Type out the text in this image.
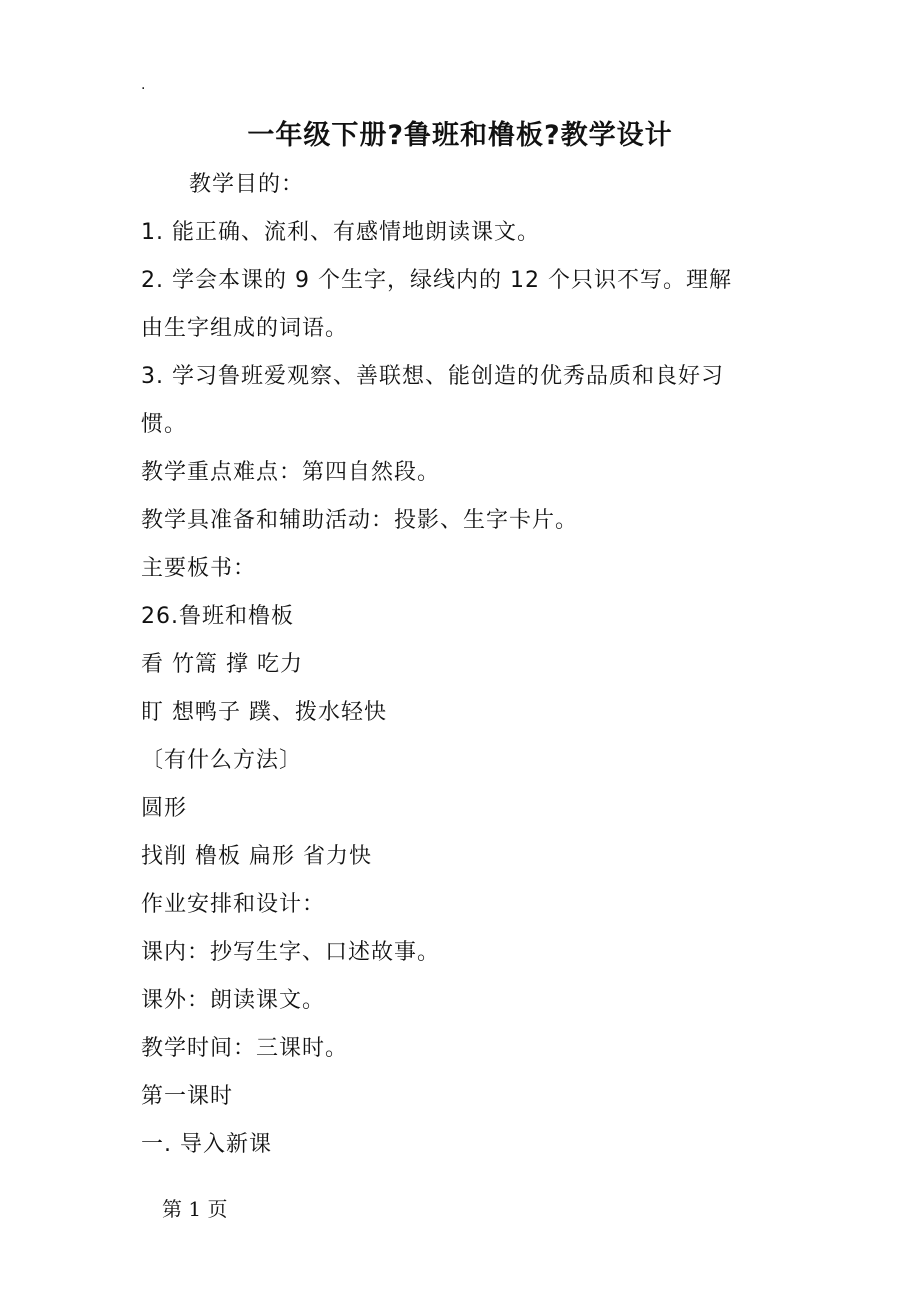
.
一年级下册?鲁班和橹板?教学设计
教学目的：
1. 能正确、流利、有感情地朗读课文。
2. 学会本课的 9 个生字，绿线内的 12 个只识不写。理解
由生字组成的词语。
3. 学习鲁班爱观察、善联想、能创造的优秀品质和良好习
惯。
教学重点难点：第四自然段。
教学具准备和辅助活动：投影、生字卡片。
主要板书：
26.鲁班和橹板
看 竹篙 撑 吃力
盯 想鸭子 蹼、拨水轻快
〔有什么方法〕
圆形
找削 橹板 扁形 省力快
作业安排和设计：
课内：抄写生字、口述故事。
课外：朗读课文。
教学时间：三课时。
第一课时
一. 导入新课
第 1 页
